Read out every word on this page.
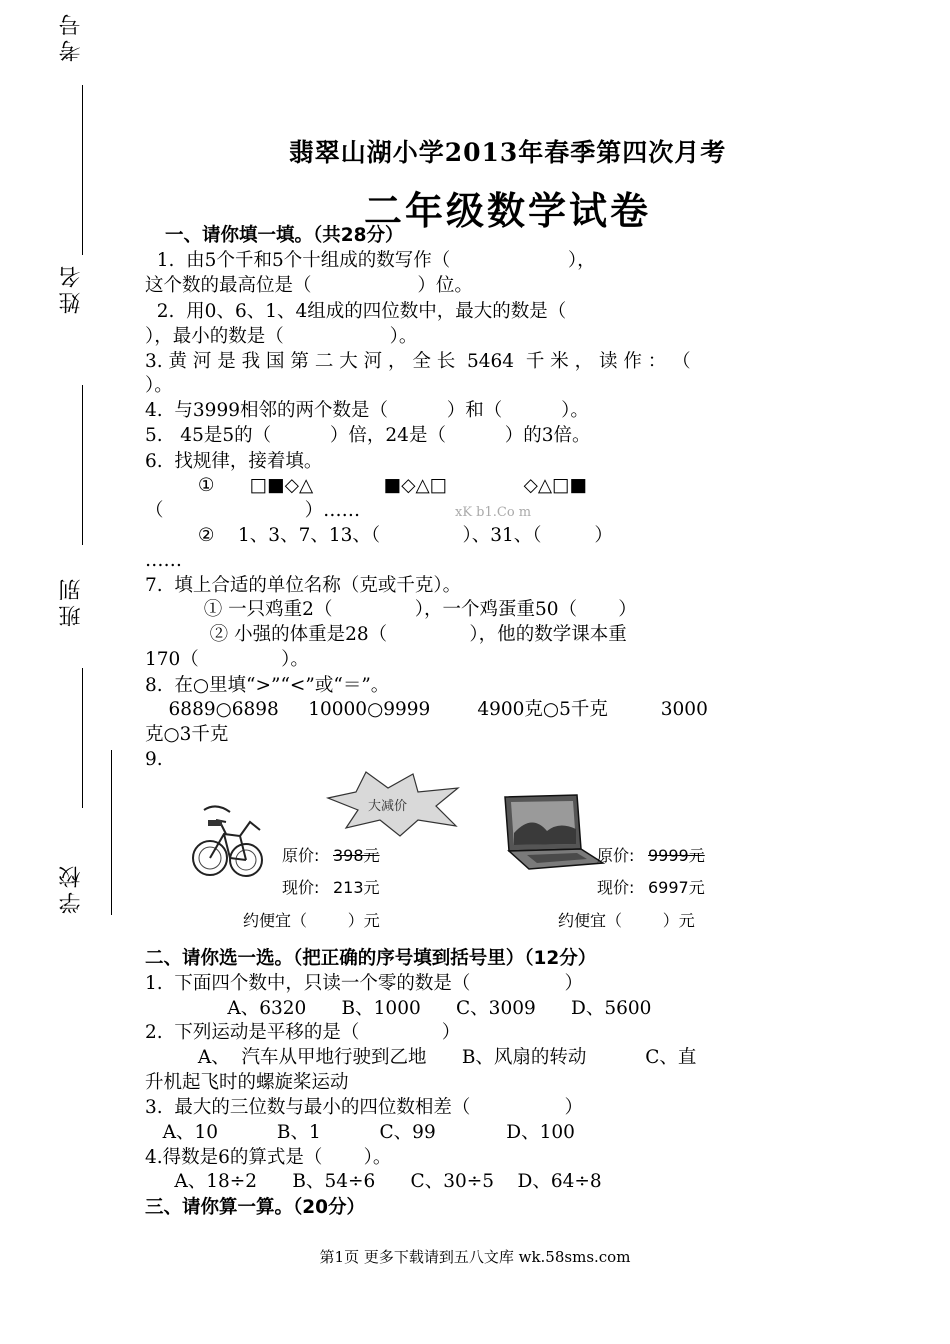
考号
姓名
班别
学校
翡翠山湖小学2013年春季第四次月考
二年级数学试卷
一、请你填一填。（共28分）
1.  由5个千和5个十组成的数写作（                    ），
这个数的最高位是（                  ）位。
2.  用0、6、1、4组成的四位数中，最大的数是（
），最小的数是（                  ）。
3. 黄 河 是 我 国 第 二 大 河 ， 全 长  5464  千 米 ， 读 作 ： （
）。
4.  与3999相邻的两个数是（          ）和（          ）。
5.   45是5的（          ）倍，24是（          ）的3倍。
6.  找规律，接着填。
①      □■◇△            ■◇△□             ◇△□■
（                        ）……	xK b1.Co m
②    1、3、7、13、（              ）、31、（         ）
……
7.  填上合适的单位名称（克或千克）。
① 一只鸡重2（              ），一个鸡蛋重50（       ）
② 小强的体重是28（              ），他的数学课本重
170（              ）。
8.  在○里填“>”“<”或“＝”。
6889○6898     10000○9999        4900克○5千克         3000
克○3千克
9.
大减价
原价: 398元
现价: 213元
原价: 9999元
现价: 6997元
约便宜（        ）元	约便宜（        ）元
二、请你选一选。（把正确的序号填到括号里）（12分）
1.  下面四个数中，只读一个零的数是（                ）
A、6320      B、1000      C、3009      D、5600
2.  下列运动是平移的是（              ）
A、  汽车从甲地行驶到乙地      B、风扇的转动          C、直
升机起飞时的螺旋桨运动
3.  最大的三位数与最小的四位数相差（                ）
A、10          B、1          C、99            D、100
4.得数是6的算式是（       ）。
A、18÷2      B、54÷6      C、30÷5    D、64÷8
三、请你算一算。（20分）
第1页 更多下载请到五八文库 wk.58sms.com
